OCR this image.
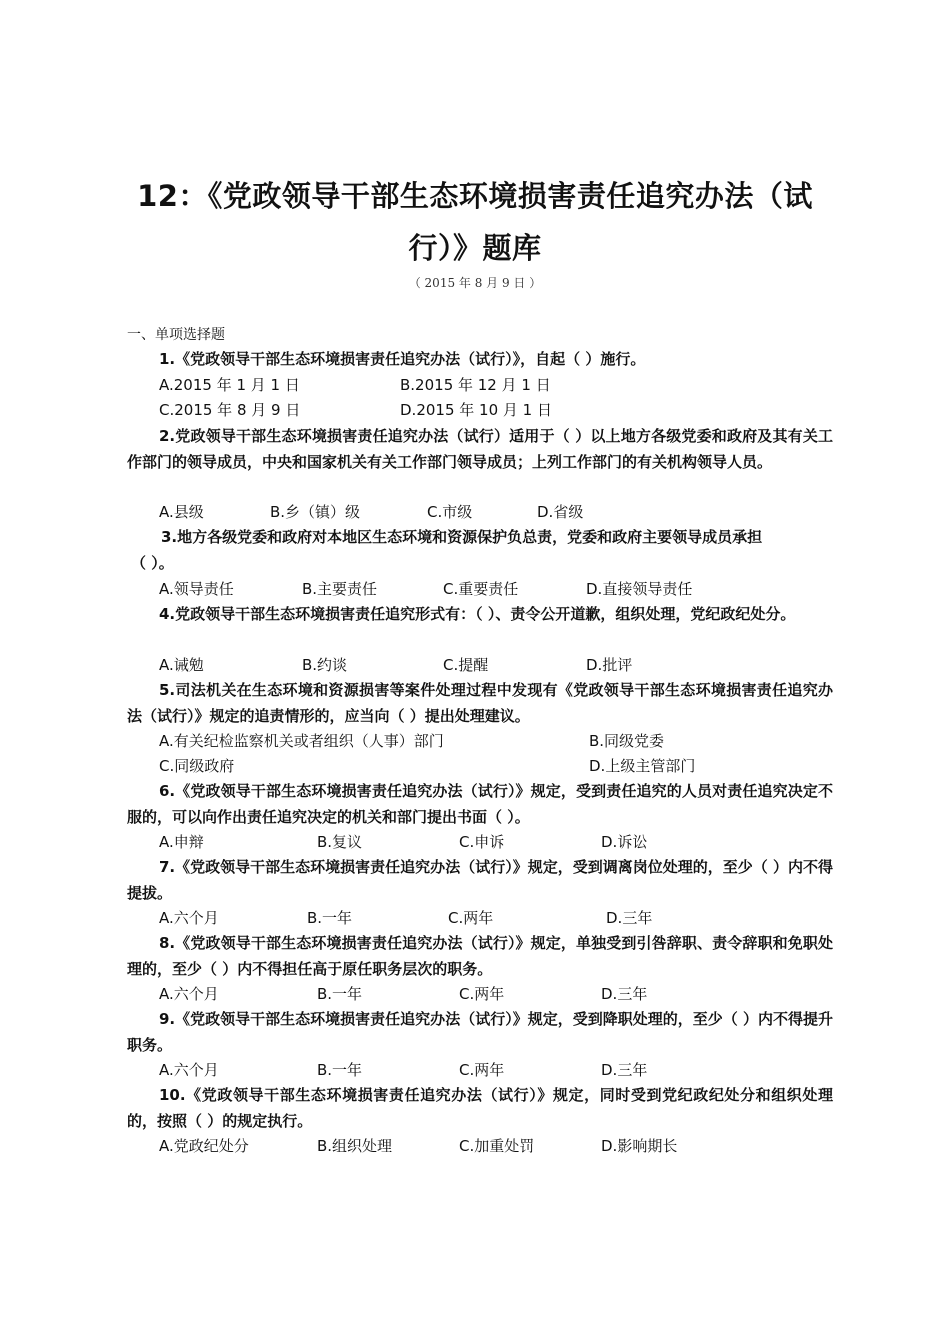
12：《党政领导干部生态环境损害责任追究办法（试
行）》题库
（ 2015 年 8 月 9 日 ）
一、单项选择题
1.《党政领导干部生态环境损害责任追究办法（试行）》，自起（ ）施行。
A.2015 年 1 月 1 日	B.2015 年 12 月 1 日
C.2015 年 8 月 9 日	D.2015 年 10 月 1 日
2.党政领导干部生态环境损害责任追究办法（试行）适用于（ ）以上地方各级党委和政府及其有关工作部门的领导成员，中央和国家机关有关工作部门领导成员；上列工作部门的有关机构领导人员。
A.县级	B.乡（镇）级	C.市级	D.省级
3.地方各级党委和政府对本地区生态环境和资源保护负总责，党委和政府主要领导成员承担
（ ）。
A.领导责任	B.主要责任	C.重要责任	D.直接领导责任
4.党政领导干部生态环境损害责任追究形式有：（ ）、责令公开道歉，组织处理，党纪政纪处分。
A.诫勉	B.约谈	C.提醒	D.批评
5.司法机关在生态环境和资源损害等案件处理过程中发现有《党政领导干部生态环境损害责任追究办法（试行）》规定的追责情形的，应当向（ ）提出处理建议。
A.有关纪检监察机关或者组织（人事）部门	B.同级党委
C.同级政府	D.上级主管部门
6.《党政领导干部生态环境损害责任追究办法（试行）》规定，受到责任追究的人员对责任追究决定不服的，可以向作出责任追究决定的机关和部门提出书面（ ）。
A.申辩	B.复议	C.申诉	D.诉讼
7.《党政领导干部生态环境损害责任追究办法（试行）》规定，受到调离岗位处理的，至少（ ）内不得提拔。
A.六个月	B.一年	C.两年	D.三年
8.《党政领导干部生态环境损害责任追究办法（试行）》规定，单独受到引咎辞职、责令辞职和免职处理的，至少（ ）内不得担任高于原任职务层次的职务。
A.六个月	B.一年	C.两年	D.三年
9.《党政领导干部生态环境损害责任追究办法（试行）》规定，受到降职处理的，至少（ ）内不得提升职务。
A.六个月	B.一年	C.两年	D.三年
10.《党政领导干部生态环境损害责任追究办法（试行）》规定，同时受到党纪政纪处分和组织处理的，按照（ ）的规定执行。
A.党政纪处分	B.组织处理	C.加重处罚	D.影响期长
